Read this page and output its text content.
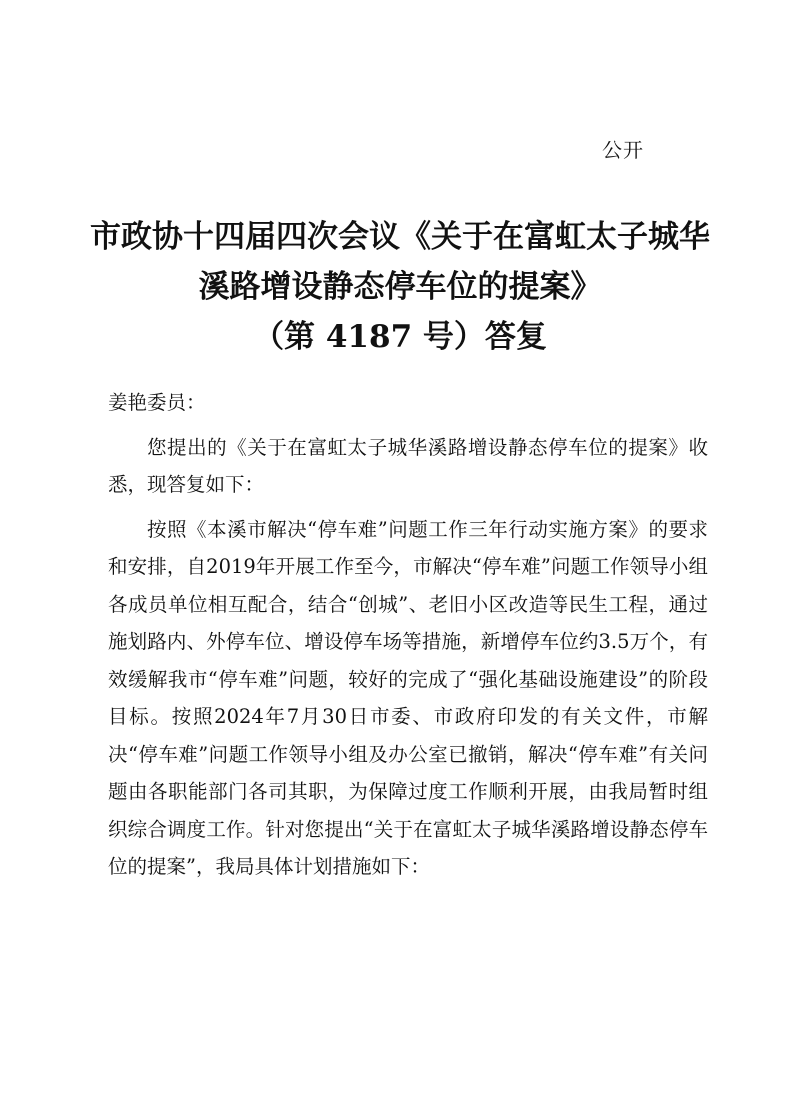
公开
市政协十四届四次会议《关于在富虹太子城华
溪路增设静态停车位的提案》
（第 4187 号）答复

姜艳委员：

您提出的《关于在富虹太子城华溪路增设静态停车位的提案》收悉，现答复如下：

按照《本溪市解决“停车难”问题工作三年行动实施方案》的要求和安排，自2019年开展工作至今，市解决“停车难”问题工作领导小组各成员单位相互配合，结合“创城”、老旧小区改造等民生工程，通过施划路内、外停车位、增设停车场等措施，新增停车位约3.5万个，有效缓解我市“停车难”问题，较好的完成了“强化基础设施建设”的阶段目标。按照2024年7月30日市委、市政府印发的有关文件，市解决“停车难”问题工作领导小组及办公室已撤销，解决“停车难”有关问题由各职能部门各司其职，为保障过度工作顺利开展，由我局暂时组织综合调度工作。针对您提出“关于在富虹太子城华溪路增设静态停车位的提案”，我局具体计划措施如下：
